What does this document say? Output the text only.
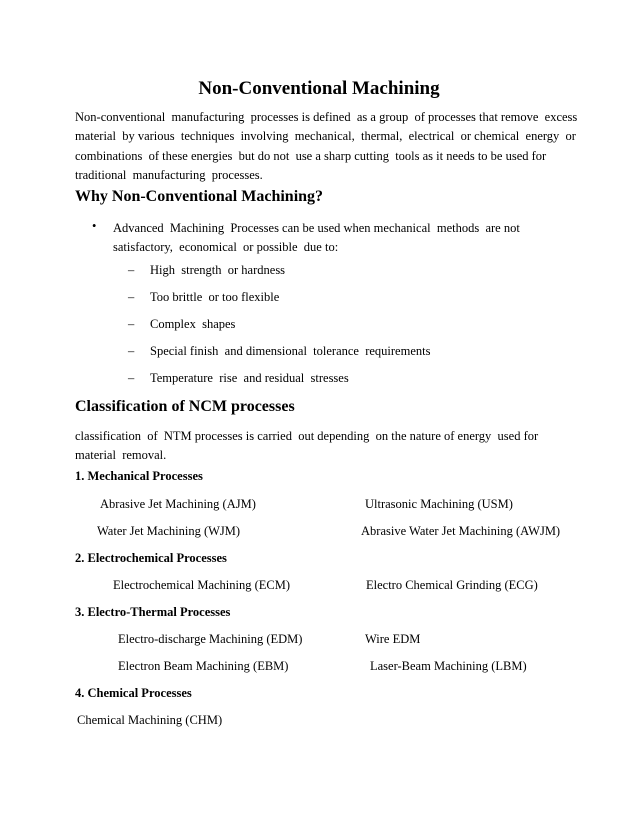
Non-Conventional Machining
Non-conventional  manufacturing  processes is defined  as a group  of processes that remove  excess
material  by various  techniques  involving  mechanical,  thermal,  electrical  or chemical  energy  or
combinations  of these energies  but do not  use a sharp cutting  tools as it needs to be used for
traditional  manufacturing  processes.
Why Non-Conventional Machining?
• Advanced  Machining  Processes can be used when mechanical  methods  are not
satisfactory,  economical  or possible  due to:
– High  strength  or hardness
– Too brittle  or too flexible
– Complex  shapes
– Special finish  and dimensional  tolerance  requirements
– Temperature  rise  and residual  stresses
Classification of NCM processes
classification  of  NTM processes is carried  out depending  on the nature of energy  used for
material  removal.
1. Mechanical Processes
Abrasive Jet Machining (AJM)	Ultrasonic Machining (USM)
Water Jet Machining (WJM)	Abrasive Water Jet Machining (AWJM)
2. Electrochemical Processes
Electrochemical Machining (ECM)	Electro Chemical Grinding (ECG)
3. Electro-Thermal Processes
Electro-discharge Machining (EDM)	Wire EDM
Electron Beam Machining (EBM)	Laser-Beam Machining (LBM)
4. Chemical Processes
Chemical Machining (CHM)
